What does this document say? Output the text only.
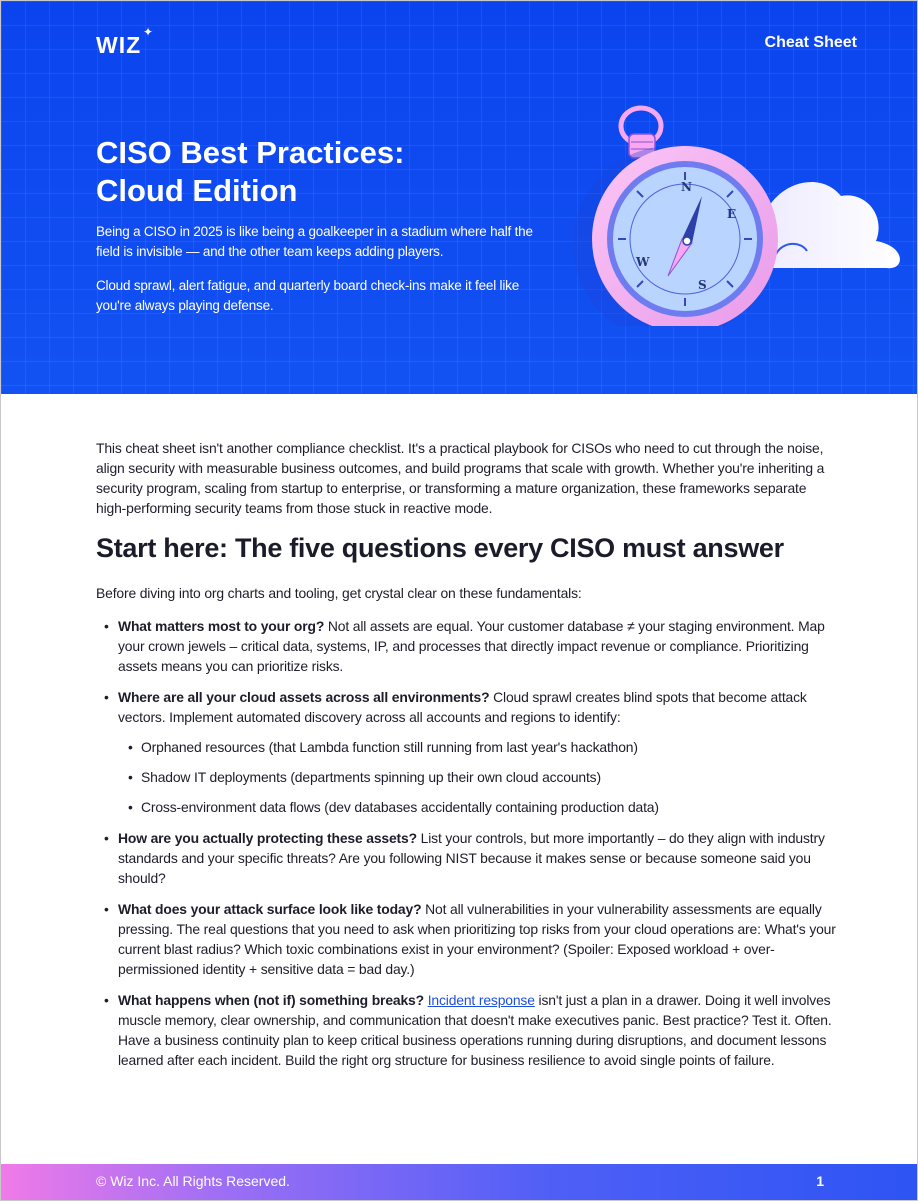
WIZ ✦
Cheat Sheet
CISO Best Practices:
Cloud Edition

Being a CISO in 2025 is like being a goalkeeper in a stadium where half the field is invisible — and the other team keeps adding players.

Cloud sprawl, alert fatigue, and quarterly board check-ins make it feel like you're always playing defense.

N
E
S
W

This cheat sheet isn't another compliance checklist. It's a practical playbook for CISOs who need to cut through the noise, align security with measurable business outcomes, and build programs that scale with growth. Whether you're inheriting a security program, scaling from startup to enterprise, or transforming a mature organization, these frameworks separate high-performing security teams from those stuck in reactive mode.

Start here: The five questions every CISO must answer

Before diving into org charts and tooling, get crystal clear on these fundamentals:

• What matters most to your org? Not all assets are equal. Your customer database ≠ your staging environment. Map your crown jewels – critical data, systems, IP, and processes that directly impact revenue or compliance. Prioritizing assets means you can prioritize risks.
• Where are all your cloud assets across all environments? Cloud sprawl creates blind spots that become attack vectors. Implement automated discovery across all accounts and regions to identify:
• Orphaned resources (that Lambda function still running from last year's hackathon)
• Shadow IT deployments (departments spinning up their own cloud accounts)
• Cross-environment data flows (dev databases accidentally containing production data)
• How are you actually protecting these assets? List your controls, but more importantly – do they align with industry standards and your specific threats? Are you following NIST because it makes sense or because someone said you should?
• What does your attack surface look like today? Not all vulnerabilities in your vulnerability assessments are equally pressing. The real questions that you need to ask when prioritizing top risks from your cloud operations are: What's your current blast radius? Which toxic combinations exist in your environment? (Spoiler: Exposed workload + over-permissioned identity + sensitive data = bad day.)
• What happens when (not if) something breaks? Incident response isn't just a plan in a drawer. Doing it well involves muscle memory, clear ownership, and communication that doesn't make executives panic. Best practice? Test it. Often. Have a business continuity plan to keep critical business operations running during disruptions, and document lessons learned after each incident. Build the right org structure for business resilience to avoid single points of failure.
© Wiz Inc. All Rights Reserved.	1
